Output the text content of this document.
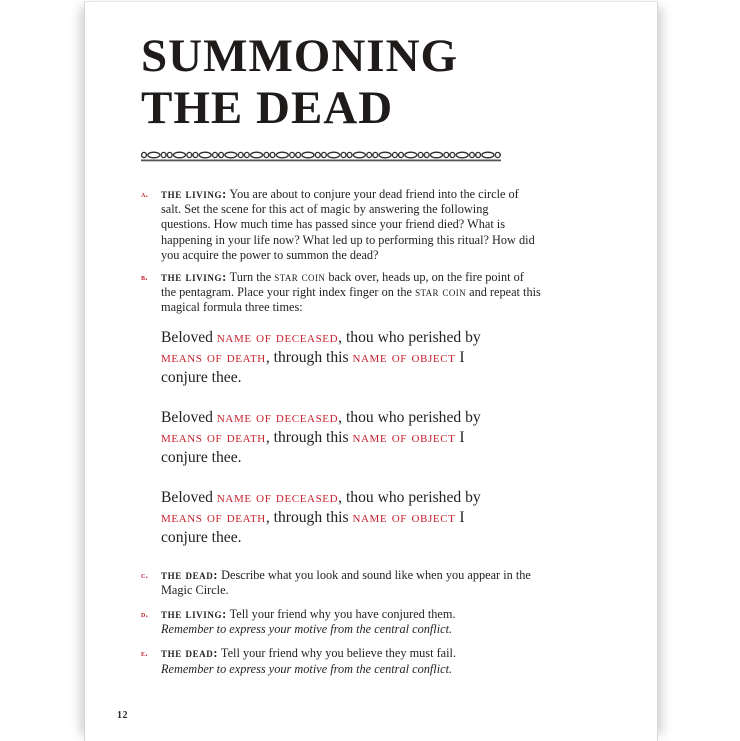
SUMMONING
THE DEAD
a. the living: You are about to conjure your dead friend into the circle of salt. Set the scene for this act of magic by answering the following questions. How much time has passed since your friend died? What is happening in your life now? What led up to performing this ritual? How did you acquire the power to summon the dead?
b. the living: Turn the star coin back over, heads up, on the fire point of the pentagram. Place your right index finger on the star coin and repeat this magical formula three times:
Beloved name of deceased, thou who perished by means of death, through this name of object I conjure thee.
Beloved name of deceased, thou who perished by means of death, through this name of object I conjure thee.
Beloved name of deceased, thou who perished by means of death, through this name of object I conjure thee.
c. the dead: Describe what you look and sound like when you appear in the Magic Circle.
d. the living: Tell your friend why you have conjured them.
Remember to express your motive from the central conflict.
e. the dead: Tell your friend why you believe they must fail.
Remember to express your motive from the central conflict.
12
